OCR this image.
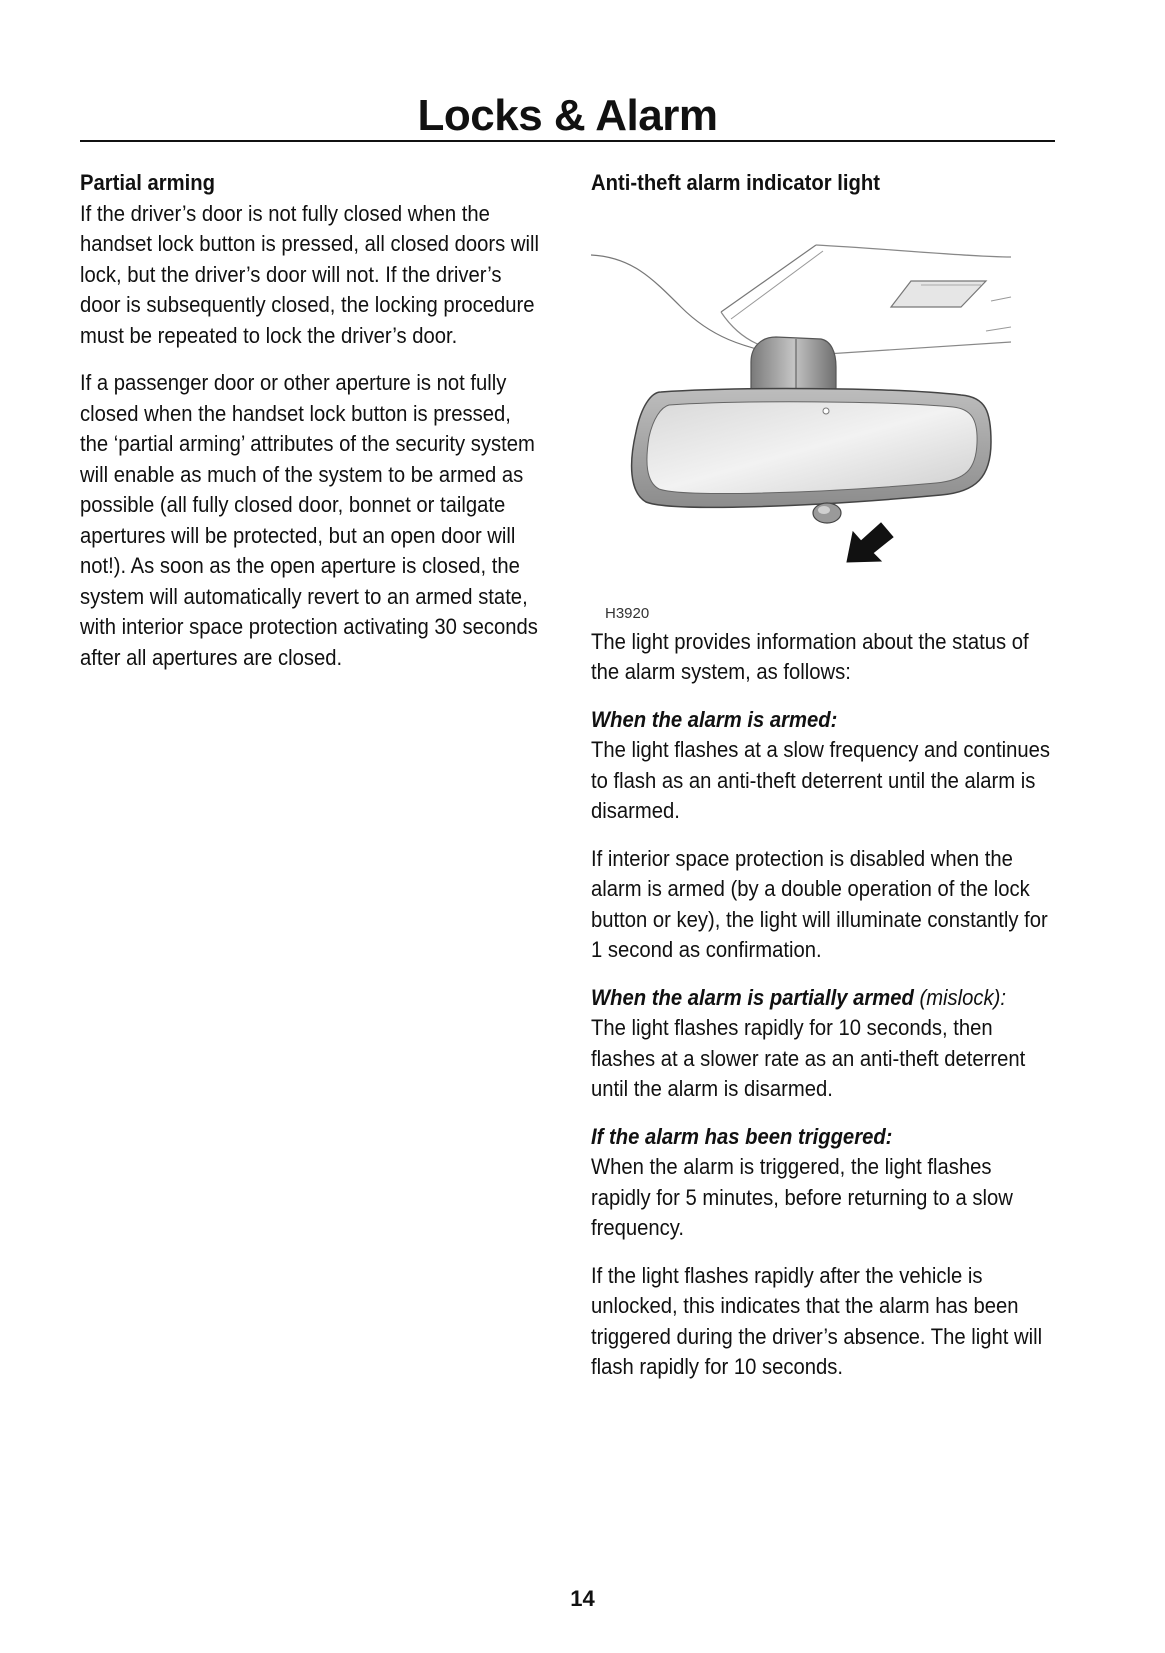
Locks & Alarm

Partial arming
If the driver’s door is not fully closed when the handset lock button is pressed, all closed doors will lock, but the driver’s door will not. If the driver’s door is subsequently closed, the locking procedure must be repeated to lock the driver’s door.

If a passenger door or other aperture is not fully closed when the handset lock button is pressed, the ‘partial arming’ attributes of the security system will enable as much of the system to be armed as possible (all fully closed door, bonnet or tailgate apertures will be protected, but an open door will not!). As soon as the open aperture is closed, the system will automatically revert to an armed state, with interior space protection activating 30 seconds after all apertures are closed.

Anti-theft alarm indicator light

H3920

The light provides information about the status of the alarm system, as follows:

When the alarm is armed:
The light flashes at a slow frequency and continues to flash as an anti-theft deterrent until the alarm is disarmed.

If interior space protection is disabled when the alarm is armed (by a double operation of the lock button or key), the light will illuminate constantly for 1 second as confirmation.

When the alarm is partially armed (mislock):
The light flashes rapidly for 10 seconds, then flashes at a slower rate as an anti-theft deterrent until the alarm is disarmed.

If the alarm has been triggered:
When the alarm is triggered, the light flashes rapidly for 5 minutes, before returning to a slow frequency.

If the light flashes rapidly after the vehicle is unlocked, this indicates that the alarm has been triggered during the driver’s absence. The light will flash rapidly for 10 seconds.

14
